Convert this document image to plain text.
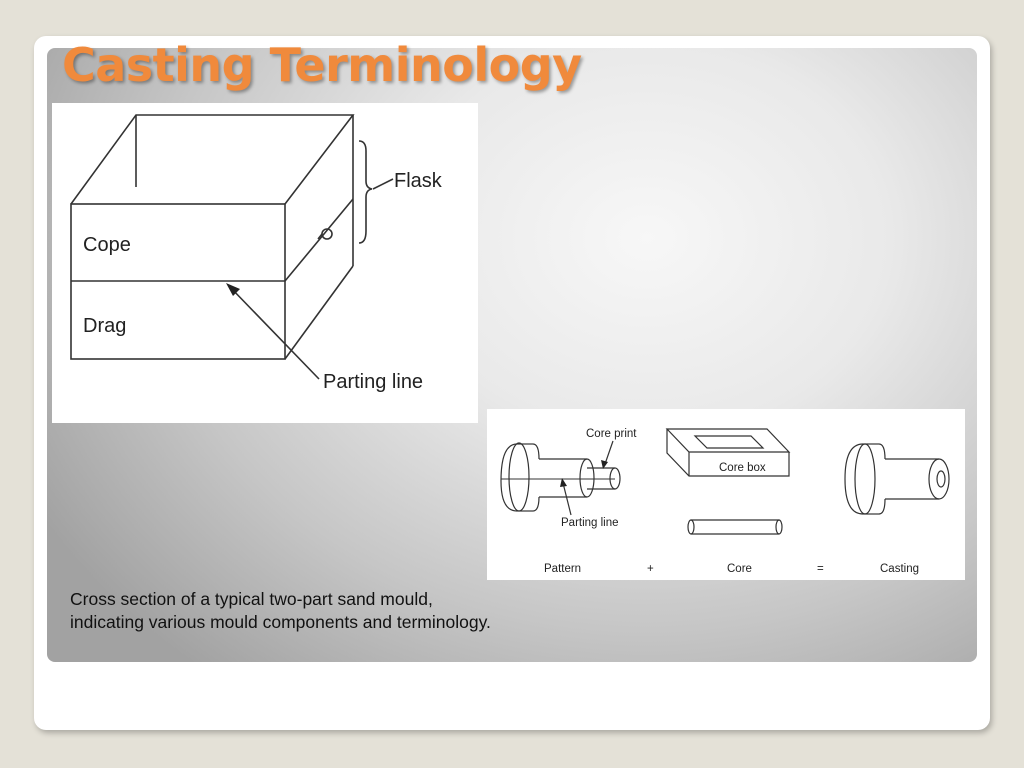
Casting Terminology
Flask
Cope
Drag
Parting line
Core print
Core box
Parting line
Pattern	+	Core	=	Casting
Cross section of a typical two-part sand mould,
indicating various mould components and terminology.
